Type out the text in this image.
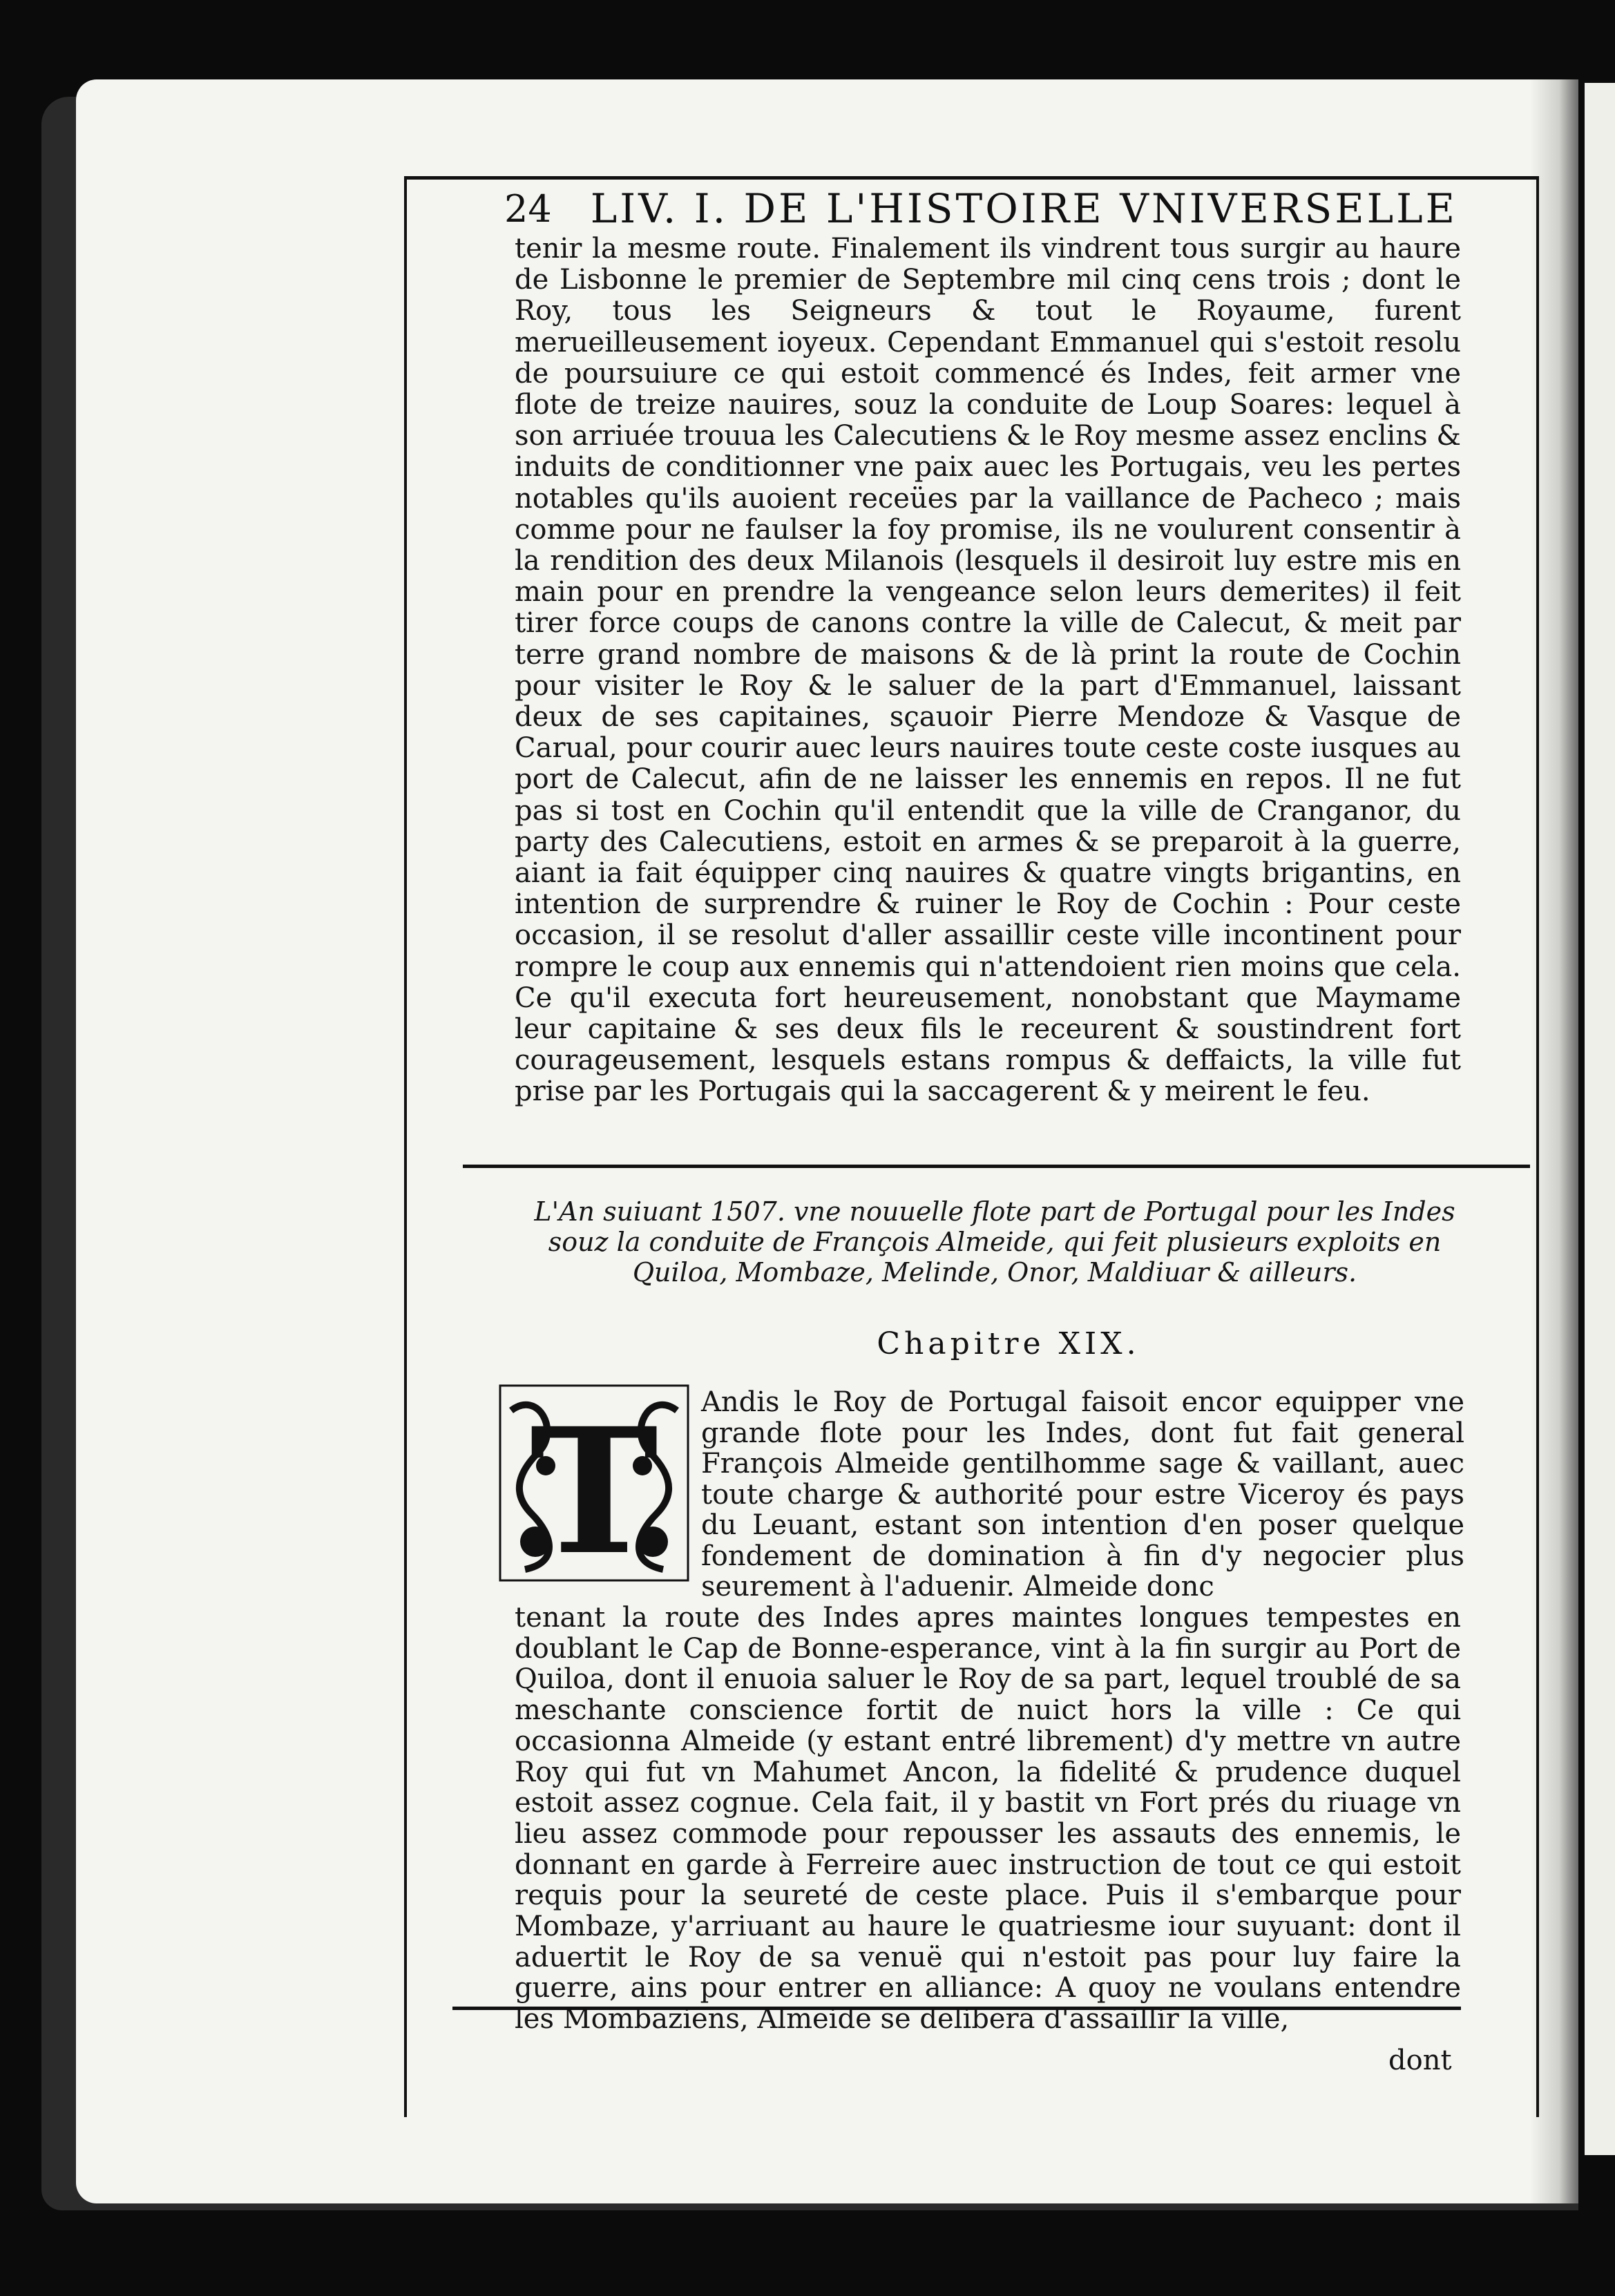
24 LIV. I. DE L'HISTOIRE VNIVERSELLE

tenir la mesme route. Finalement ils vindrent tous surgir au haure de Lisbonne le premier de Septembre mil cinq cens trois ; dont le Roy, tous les Seigneurs & tout le Royaume, furent merueilleusement ioyeux. Cependant Emmanuel qui s'estoit resolu de poursuiure ce qui estoit commencé és Indes, feit armer vne flote de treize nauires, souz la conduite de Loup Soares: lequel à son arriuée trouua les Calecutiens & le Roy mesme assez enclins & induits de conditionner vne paix auec les Portugais, veu les pertes notables qu'ils auoient receües par la vaillance de Pacheco ; mais comme pour ne faulser la foy promise, ils ne voulurent consentir à la rendition des deux Milanois (lesquels il desiroit luy estre mis en main pour en prendre la vengeance selon leurs demerites) il feit tirer force coups de canons contre la ville de Calecut, & meit par terre grand nombre de maisons & de là print la route de Cochin pour visiter le Roy & le saluer de la part d'Emmanuel, laissant deux de ses capitaines, sçauoir Pierre Mendoze & Vasque de Carual, pour courir auec leurs nauires toute ceste coste iusques au port de Calecut, afin de ne laisser les ennemis en repos. Il ne fut pas si tost en Cochin qu'il entendit que la ville de Cranganor, du party des Calecutiens, estoit en armes & se preparoit à la guerre, aiant ia fait équipper cinq nauires & quatre vingts brigantins, en intention de surprendre & ruiner le Roy de Cochin : Pour ceste occasion, il se resolut d'aller assaillir ceste ville incontinent pour rompre le coup aux ennemis qui n'attendoient rien moins que cela. Ce qu'il executa fort heureusement, nonobstant que Maymame leur capitaine & ses deux fils le receurent & soustindrent fort courageusement, lesquels estans rompus & deffaicts, la ville fut prise par les Portugais qui la saccagerent & y meirent le feu.

L'An suiuant 1507. vne nouuelle flote part de Portugal pour les Indes souz la conduite de François Almeide, qui feit plusieurs exploits en Quiloa, Mombaze, Melinde, Onor, Maldiuar & ailleurs.

Chapitre XIX.
T Andis le Roy de Portugal faisoit encor equipper vne grande flote pour les Indes, dont fut fait general François Almeide gentilhomme sage & vaillant, auec toute charge & authorité pour estre Viceroy és pays du Leuant, estant son intention d'en poser quelque fondement de domination à fin d'y negocier plus seurement à l'aduenir. Almeide donc

tenant la route des Indes apres maintes longues tempestes en doublant le Cap de Bonne-esperance, vint à la fin surgir au Port de Quiloa, dont il enuoia saluer le Roy de sa part, lequel troublé de sa meschante conscience fortit de nuict hors la ville : Ce qui occasionna Almeide (y estant entré librement) d'y mettre vn autre Roy qui fut vn Mahumet Ancon, la fidelité & prudence duquel estoit assez cognue. Cela fait, il y bastit vn Fort prés du riuage vn lieu assez commode pour repousser les assauts des ennemis, le donnant en garde à Ferreire auec instruction de tout ce qui estoit requis pour la seureté de ceste place. Puis il s'embarque pour Mombaze, y'arriuant au haure le quatriesme iour suyuant: dont il aduertit le Roy de sa venuë qui n'estoit pas pour luy faire la guerre, ains pour entrer en alliance: A quoy ne voulans entendre les Mombaziens, Almeide se delibera d'assaillir la ville,

dont
